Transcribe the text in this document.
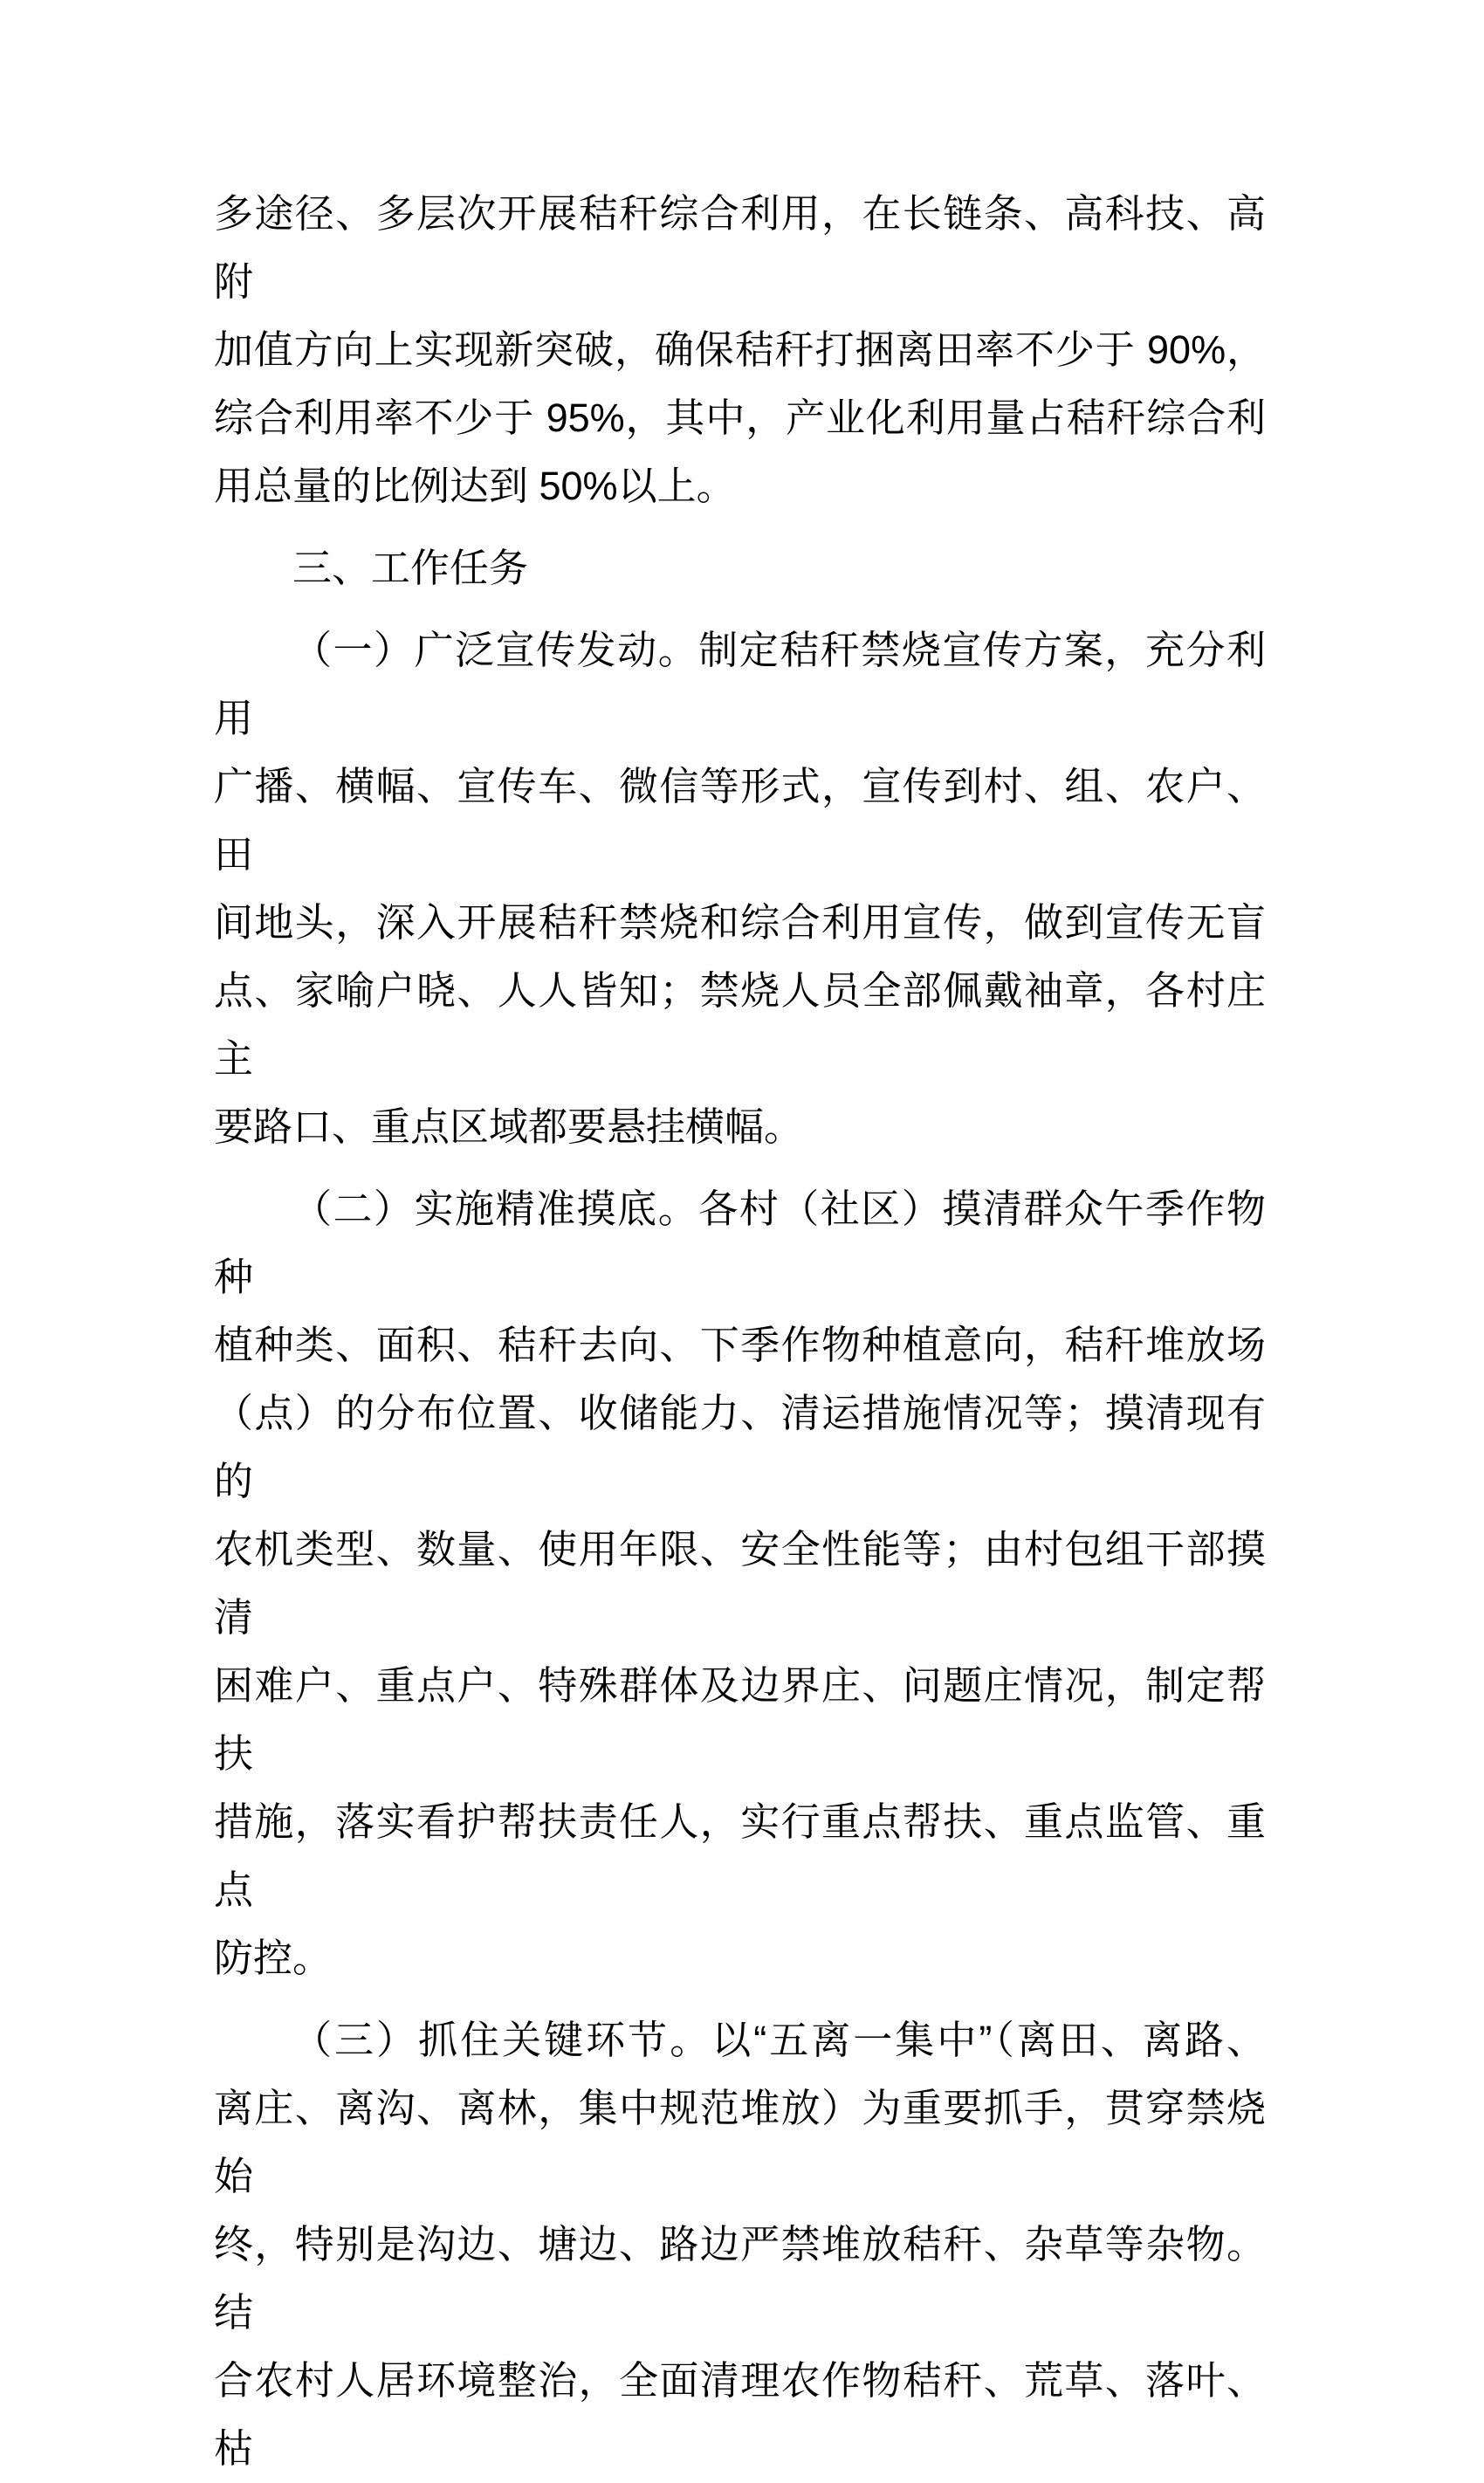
多途径、多层次开展秸秆综合利用，在长链条、高科技、高附
加值方向上实现新突破，确保秸秆打捆离田率不少于 90%，
综合利用率不少于 95%，其中，产业化利用量占秸秆综合利
用总量的比例达到 50%以上。
三、工作任务
（一）广泛宣传发动。制定秸秆禁烧宣传方案，充分利用
广播、横幅、宣传车、微信等形式，宣传到村、组、农户、田
间地头，深入开展秸秆禁烧和综合利用宣传，做到宣传无盲
点、家喻户晓、人人皆知；禁烧人员全部佩戴袖章，各村庄主
要路口、重点区域都要悬挂横幅。
（二）实施精准摸底。各村（社区）摸清群众午季作物种
植种类、面积、秸秆去向、下季作物种植意向，秸秆堆放场
（点）的分布位置、收储能力、清运措施情况等；摸清现有的
农机类型、数量、使用年限、安全性能等；由村包组干部摸清
困难户、重点户、特殊群体及边界庄、问题庄情况，制定帮扶
措施，落实看护帮扶责任人，实行重点帮扶、重点监管、重点
防控。
（三）抓住关键环节。以“五离一集中”（离田、离路、
离庄、离沟、离林，集中规范堆放）为重要抓手，贯穿禁烧始
终，特别是沟边、塘边、路边严禁堆放秸秆、杂草等杂物。结
合农村人居环境整治，全面清理农作物秸秆、荒草、落叶、枯
